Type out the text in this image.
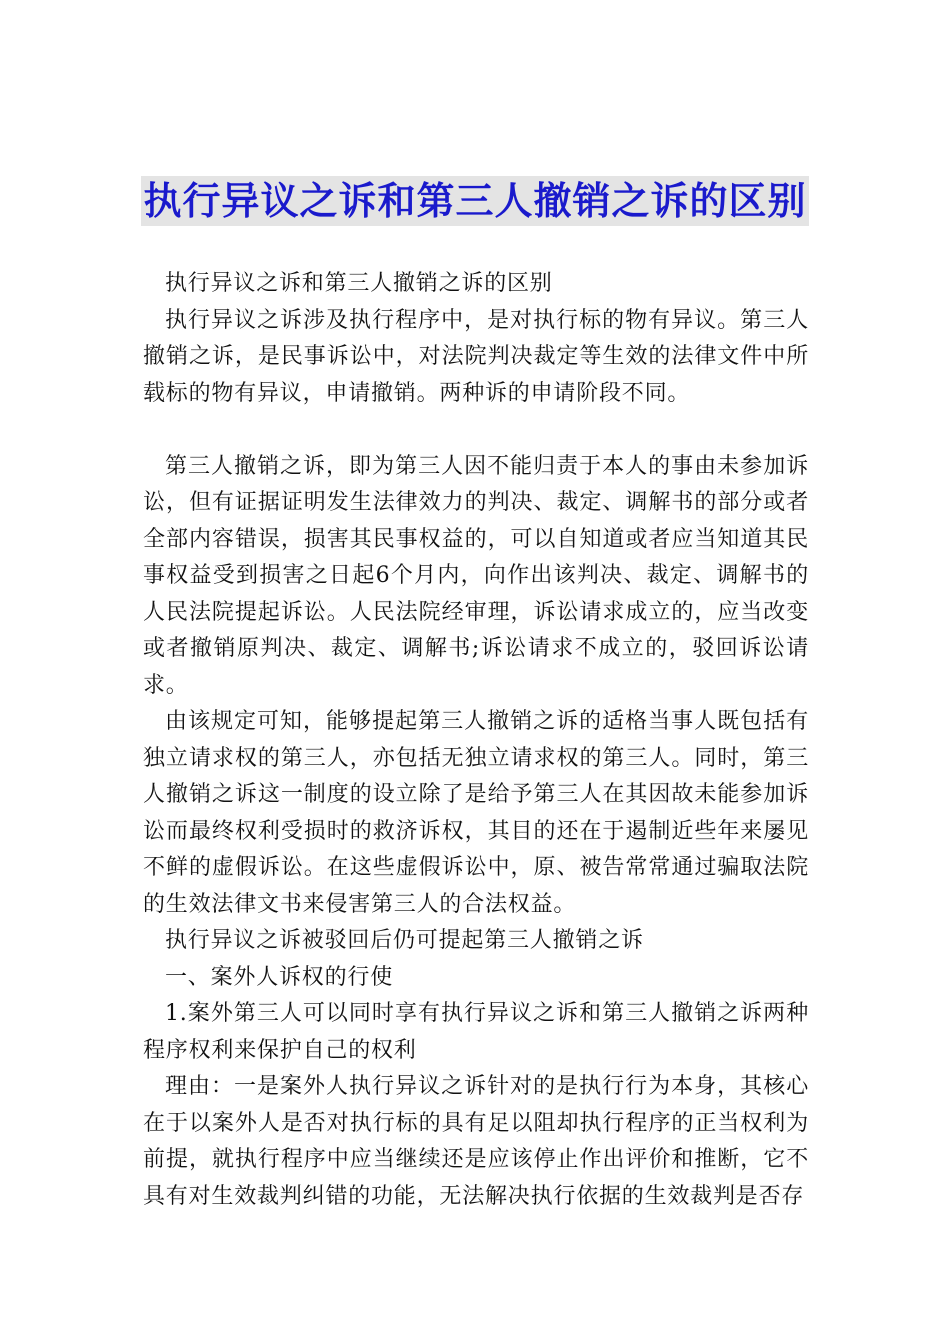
执行异议之诉和第三人撤销之诉的区别

执行异议之诉和第三人撤销之诉的区别

执行异议之诉涉及执行程序中，是对执行标的物有异议。第三人撤销之诉，是民事诉讼中，对法院判决裁定等生效的法律文件中所载标的物有异议，申请撤销。两种诉的申请阶段不同。

第三人撤销之诉，即为第三人因不能归责于本人的事由未参加诉讼，但有证据证明发生法律效力的判决、裁定、调解书的部分或者全部内容错误，损害其民事权益的，可以自知道或者应当知道其民事权益受到损害之日起6个月内，向作出该判决、裁定、调解书的人民法院提起诉讼。人民法院经审理，诉讼请求成立的，应当改变或者撤销原判决、裁定、调解书;诉讼请求不成立的，驳回诉讼请求。

由该规定可知，能够提起第三人撤销之诉的适格当事人既包括有独立请求权的第三人，亦包括无独立请求权的第三人。同时，第三人撤销之诉这一制度的设立除了是给予第三人在其因故未能参加诉讼而最终权利受损时的救济诉权，其目的还在于遏制近些年来屡见不鲜的虚假诉讼。在这些虚假诉讼中，原、被告常常通过骗取法院的生效法律文书来侵害第三人的合法权益。

执行异议之诉被驳回后仍可提起第三人撤销之诉

一、案外人诉权的行使

1.案外第三人可以同时享有执行异议之诉和第三人撤销之诉两种程序权利来保护自己的权利

理由：一是案外人执行异议之诉针对的是执行行为本身，其核心在于以案外人是否对执行标的具有足以阻却执行程序的正当权利为前提，就执行程序中应当继续还是应该停止作出评价和推断，它不具有对生效裁判纠错的功能，无法解决执行依据的生效裁判是否存
